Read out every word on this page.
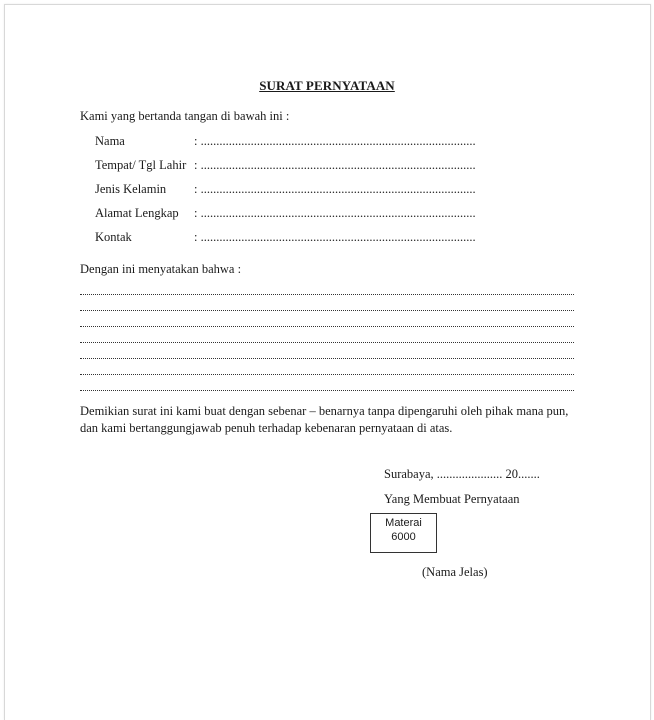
SURAT PERNYATAAN
Kami yang bertanda tangan di bawah ini :
Nama	: ........................................................................................
Tempat/ Tgl Lahir : ........................................................................................
Jenis Kelamin : ........................................................................................
Alamat Lengkap : ........................................................................................
Kontak	: ........................................................................................
Dengan ini menyatakan bahwa :
Demikian surat ini kami buat dengan sebenar – benarnya tanpa dipengaruhi oleh pihak mana pun,
dan kami bertanggungjawab penuh terhadap kebenaran pernyataan di atas.
Surabaya, ..................... 20.......
Yang Membuat Pernyataan
Materai
6000
(Nama Jelas)
